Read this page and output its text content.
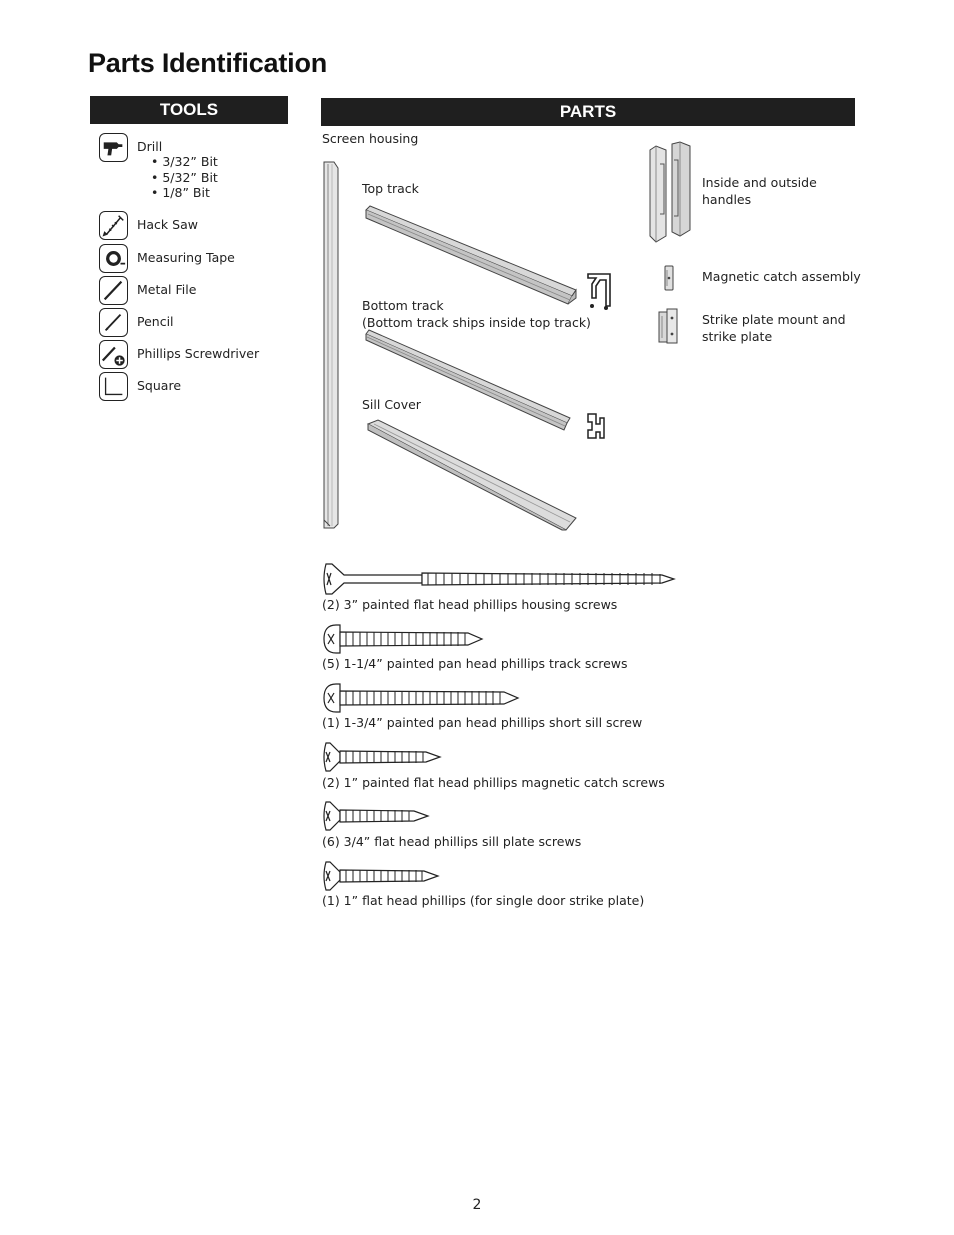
Parts Identification
TOOLS
Drill
• 3/32” Bit
• 5/32” Bit
• 1/8” Bit
Hack Saw
Measuring Tape
Metal File
Pencil
Phillips Screwdriver
Square
PARTS
Screen housing
Top track
Bottom track
(Bottom track ships inside top track)
Sill Cover
Inside and outside
handles
Magnetic catch assembly
Strike plate mount and
strike plate
(2) 3” painted flat head phillips housing screws
(5) 1-1/4” painted pan head phillips track screws
(1) 1-3/4” painted pan head phillips short sill screw
(2) 1” painted flat head phillips magnetic catch screws
(6) 3/4” flat head phillips sill plate screws
(1) 1” flat head phillips (for single door strike plate)
2
